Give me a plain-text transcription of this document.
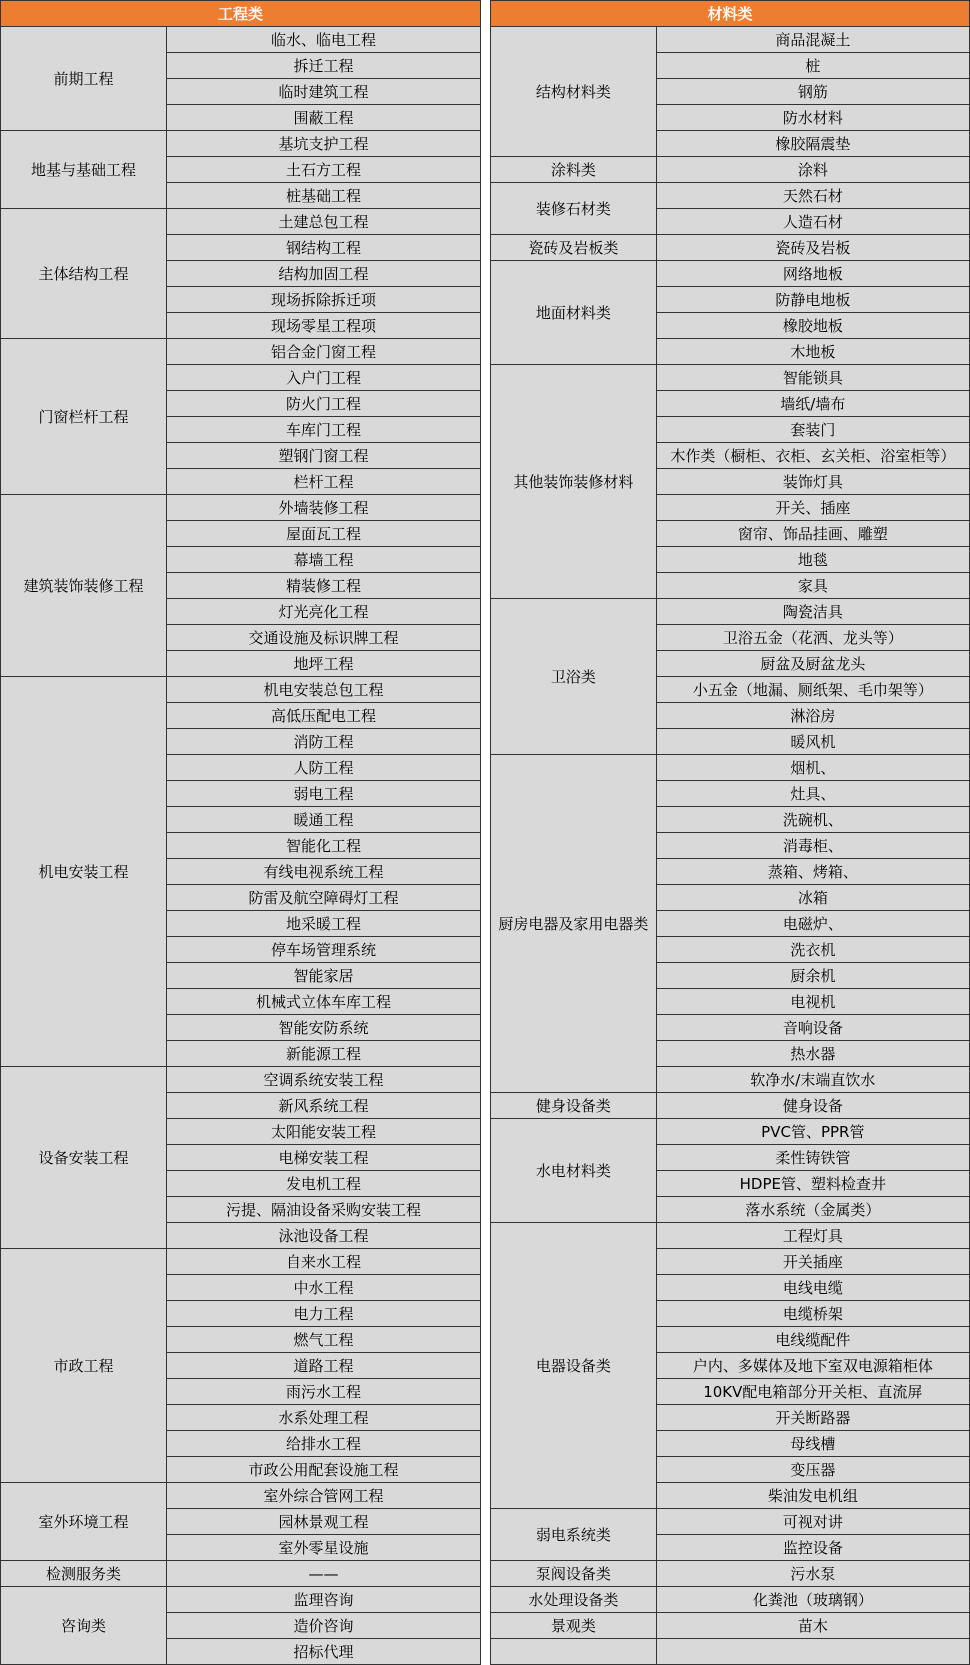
工程类	
前期工程	临水、临电工程
	拆迁工程
	临时建筑工程
	围蔽工程
地基与基础工程	基坑支护工程
	土石方工程
	桩基础工程
主体结构工程	土建总包工程
	钢结构工程
	结构加固工程
	现场拆除拆迁项
	现场零星工程项
门窗栏杆工程	铝合金门窗工程
	入户门工程
	防火门工程
	车库门工程
	塑钢门窗工程
	栏杆工程
建筑装饰装修工程	外墙装修工程
	屋面瓦工程
	幕墙工程
	精装修工程
	灯光亮化工程
	交通设施及标识牌工程
	地坪工程
机电安装工程	机电安装总包工程
	高低压配电工程
	消防工程
	人防工程
	弱电工程
	暖通工程
	智能化工程
	有线电视系统工程
	防雷及航空障碍灯工程
	地采暖工程
	停车场管理系统
	智能家居
	机械式立体车库工程
	智能安防系统
	新能源工程
设备安装工程	空调系统安装工程
	新风系统工程
	太阳能安装工程
	电梯安装工程
	发电机工程
	污提、隔油设备采购安装工程
	泳池设备工程
市政工程	自来水工程
	中水工程
	电力工程
	燃气工程
	道路工程
	雨污水工程
	水系处理工程
	给排水工程
	市政公用配套设施工程
室外环境工程	室外综合管网工程
	园林景观工程
	室外零星设施
检测服务类	——
咨询类	监理咨询
	造价咨询
	招标代理
材料类	
结构材料类	商品混凝土
	桩
	钢筋
	防水材料
	橡胶隔震垫
涂料类	涂料
装修石材类	天然石材
	人造石材
瓷砖及岩板类	瓷砖及岩板
地面材料类	网络地板
	防静电地板
	橡胶地板
	木地板
其他装饰装修材料	智能锁具
	墙纸/墙布
	套装门
	木作类（橱柜、衣柜、玄关柜、浴室柜等）
	装饰灯具
	开关、插座
	窗帘、饰品挂画、雕塑
	地毯
	家具
卫浴类	陶瓷洁具
	卫浴五金（花洒、龙头等）
	厨盆及厨盆龙头
	小五金（地漏、厕纸架、毛巾架等）
	淋浴房
	暖风机
厨房电器及家用电器类	烟机、
	灶具、
	洗碗机、
	消毒柜、
	蒸箱、烤箱、
	冰箱
	电磁炉、
	洗衣机
	厨余机
	电视机
	音响设备
	热水器
	软净水/末端直饮水
健身设备类	健身设备
水电材料类	PVC管、PPR管
	柔性铸铁管
	HDPE管、塑料检查井
	落水系统（金属类）
电器设备类	工程灯具
	开关插座
	电线电缆
	电缆桥架
	电线缆配件
	户内、多媒体及地下室双电源箱柜体
	10KV配电箱部分开关柜、直流屏
	开关断路器
	母线槽
	变压器
	柴油发电机组
弱电系统类	可视对讲
	监控设备
泵阀设备类	污水泵
水处理设备类	化粪池（玻璃钢）
景观类	苗木
